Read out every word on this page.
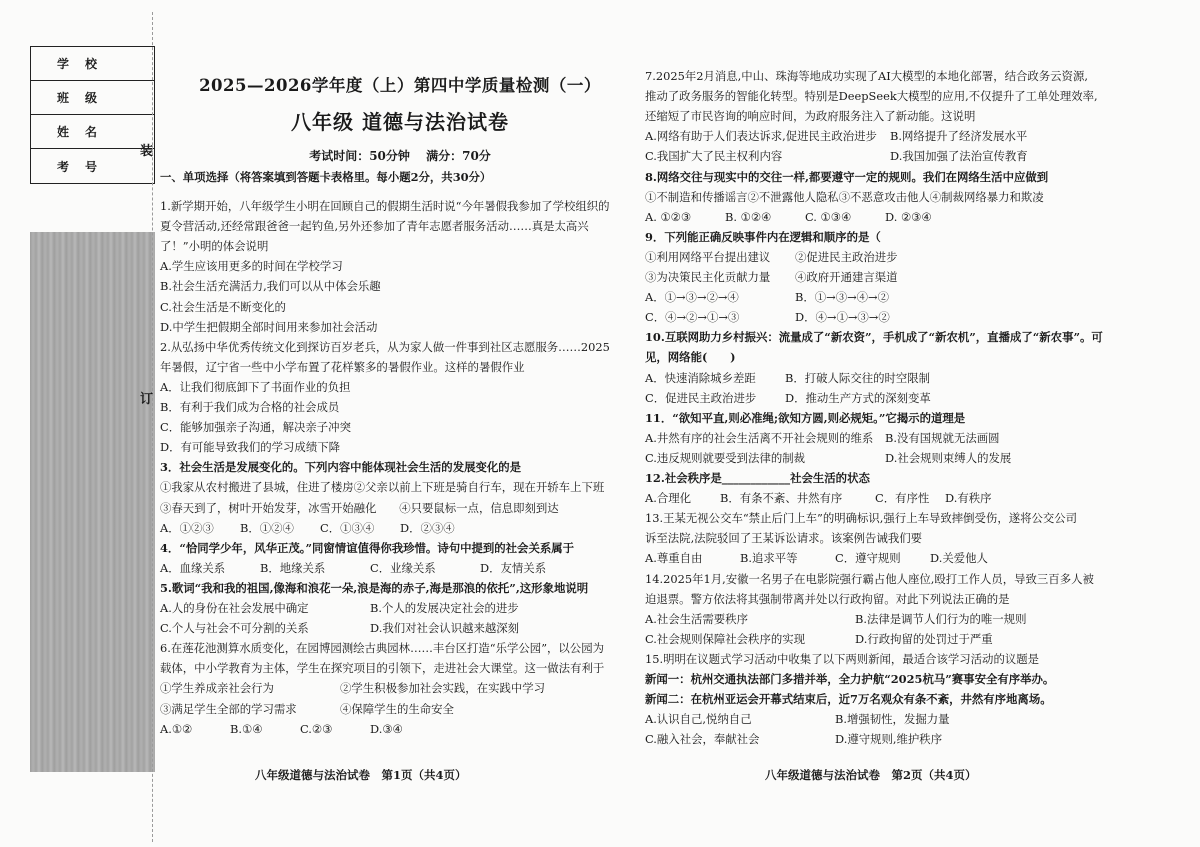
学　校
班　级
姓　名
考　号
装
订
2025—2026学年度（上）第四中学质量检测（一）
八年级 道德与法治试卷
考试时间：50分钟 满分：70分
一、单项选择（将答案填到答题卡表格里。每小题2分，共30分）
1.新学期开始，八年级学生小明在回顾自己的假期生活时说“今年暑假我参加了学校组织的
夏令营活动,还经常跟爸爸一起钓鱼,另外还参加了青年志愿者服务活动……真是太高兴
了！”小明的体会说明
A.学生应该用更多的时间在学校学习
B.社会生活充满活力,我们可以从中体会乐趣
C.社会生活是不断变化的
D.中学生把假期全部时间用来参加社会活动
2.从弘扬中华优秀传统文化到探访百岁老兵，从为家人做一件事到社区志愿服务……2025
年暑假，辽宁省一些中小学布置了花样繁多的暑假作业。这样的暑假作业
A．让我们彻底卸下了书面作业的负担
B．有利于我们成为合格的社会成员
C．能够加强亲子沟通，解决亲子冲突
D．有可能导致我们的学习成绩下降
3．社会生活是发展变化的。下列内容中能体现社会生活的发展变化的是
①我家从农村搬进了县城，住进了楼房②父亲以前上下班是骑自行车，现在开轿车上下班
③春天到了，树叶开始发芽，冰雪开始融化　　④只要鼠标一点，信息即刻到达
A．①②③ B．①②④ C．①③④ D．②③④
4．“恰同学少年，风华正茂。”同窗情谊值得你我珍惜。诗句中提到的社会关系属于
A．血缘关系	B．地缘关系	C．业缘关系	D．友情关系
5.歌词“我和我的祖国,像海和浪花一朵,浪是海的赤子,海是那浪的依托”,这形象地说明
A.人的身份在社会发展中确定	B.个人的发展决定社会的进步
C.个人与社会不可分割的关系	D.我们对社会认识越来越深刻
6.在莲花池测算水质变化，在园博园测绘古典园林……丰台区打造“乐学公园”，以公园为
载体，中小学教育为主体，学生在探究项目的引领下，走进社会大课堂。这一做法有利于
①学生养成亲社会行为	②学生积极参加社会实践，在实践中学习
③满足学生全部的学习需求	④保障学生的生命安全
A.①②	B.①④	C.②③	D.③④
八年级道德与法治试卷　第1页（共4页）
7.2025年2月消息,中山、珠海等地成功实现了AI大模型的本地化部署，结合政务云资源,
推动了政务服务的智能化转型。特别是DeepSeek大模型的应用,不仅提升了工单处理效率,
还缩短了市民咨询的响应时间，为政府服务注入了新动能。这说明
A.网络有助于人们表达诉求,促进民主政治进步 B.网络提升了经济发展水平
C.我国扩大了民主权利内容	D.我国加强了法治宣传教育
8.网络交往与现实中的交往一样,都要遵守一定的规则。我们在网络生活中应做到
①不制造和传播谣言②不泄露他人隐私③不恶意攻击他人④制裁网络暴力和欺凌
A. ①②③	B. ①②④	C. ①③④	D. ②③④
9．下列能正确反映事件内在逻辑和顺序的是（
①利用网络平台提出建议 ②促进民主政治进步
③为决策民主化贡献力量 ④政府开通建言渠道
A．①→③→②→④	B．①→③→④→②
C．④→②→①→③	D．④→①→③→②
10.互联网助力乡村振兴：流量成了“新农资”，手机成了“新农机”，直播成了“新农事”。可
见，网络能(　　)
A．快速消除城乡差距	B．打破人际交往的时空限制
C．促进民主政治进步	D．推动生产方式的深刻变革
11．“欲知平直,则必准绳;欲知方圆,则必规矩。”它揭示的道理是
A.井然有序的社会生活离不开社会规则的维系 B.没有国规就无法画圆
C.违反规则就要受到法律的制裁	D.社会规则束缚人的发展
12.社会秩序是____________社会生活的状态
A.合理化	B．有条不紊、井然有序	C．有序性 D.有秩序
13.王某无视公交车“禁止后门上车”的明确标识,强行上车导致摔倒受伤，遂将公交公司
诉至法院,法院驳回了王某诉讼请求。该案例告诫我们要
A.尊重自由	B.追求平等	C．遵守规则	D.关爱他人
14.2025年1月,安徽一名男子在电影院强行霸占他人座位,殴打工作人员，导致三百多人被
迫退票。警方依法将其强制带离并处以行政拘留。对此下列说法正确的是
A.社会生活需要秩序	B.法律是调节人们行为的唯一规则
C.社会规则保障社会秩序的实现	D.行政拘留的处罚过于严重
15.明明在议题式学习活动中收集了以下两则新闻，最适合该学习活动的议题是
新闻一：杭州交通执法部门多措并举，全力护航“2025杭马”赛事安全有序举办。
新闻二：在杭州亚运会开幕式结束后，近7万名观众有条不紊，井然有序地离场。
A.认识自己,悦纳自己	B.增强韧性，发掘力量
C.融入社会，奉献社会	D.遵守规则,维护秩序
八年级道德与法治试卷　第2页（共4页）
